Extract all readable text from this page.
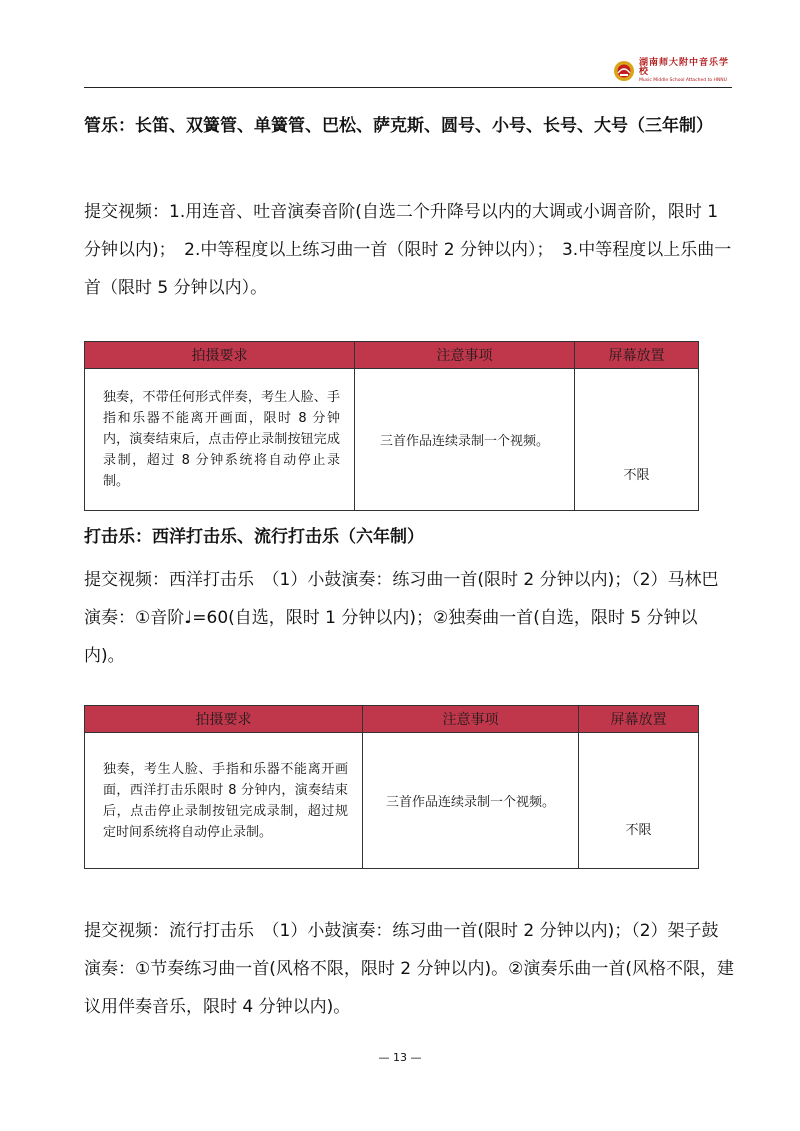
湖南师大附中音乐学校
Music Middle School Attached to HNNU

管乐：长笛、双簧管、单簧管、巴松、萨克斯、圆号、小号、长号、大号（三年制）

提交视频：1.用连音、吐音演奏音阶(自选二个升降号以内的大调或小调音阶，限时 1 分钟以内)；　2.中等程度以上练习曲一首（限时 2 分钟以内）；　3.中等程度以上乐曲一首（限时 5 分钟以内）。

拍摄要求	注意事项	屏幕放置
独奏，不带任何形式伴奏，考生人脸、手指和乐器不能离开画面，限时 8 分钟内，演奏结束后，点击停止录制按钮完成录制，超过 8 分钟系统将自动停止录制。	三首作品连续录制一个视频。	不限

打击乐：西洋打击乐、流行打击乐（六年制）

提交视频：西洋打击乐　（1）小鼓演奏：练习曲一首(限时 2 分钟以内)；（2）马林巴演奏：①音阶♩=60(自选，限时 1 分钟以内)；②独奏曲一首(自选，限时 5 分钟以内)。

拍摄要求	注意事项	屏幕放置
独奏，考生人脸、手指和乐器不能离开画面，西洋打击乐限时 8 分钟内，演奏结束后，点击停止录制按钮完成录制，超过规定时间系统将自动停止录制。	三首作品连续录制一个视频。	不限

提交视频：流行打击乐　（1）小鼓演奏：练习曲一首(限时 2 分钟以内)；（2）架子鼓演奏：①节奏练习曲一首(风格不限，限时 2 分钟以内)。②演奏乐曲一首(风格不限，建议用伴奏音乐，限时 4 分钟以内)。

— 13 —
